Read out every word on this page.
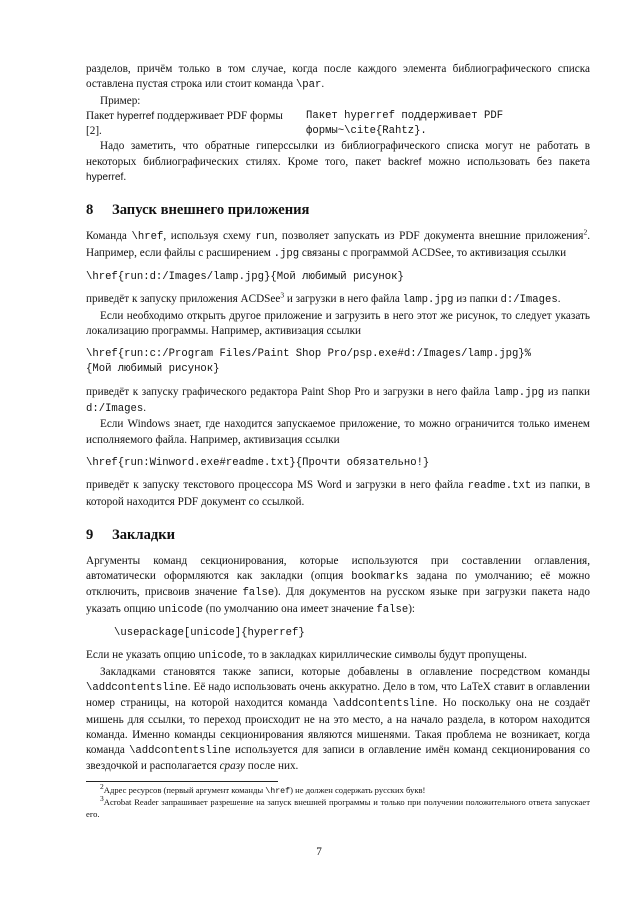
разделов, причём только в том случае, когда после каждого элемента библиографического списка оставлена пустая строка или стоит команда \par.

Пример:

Пакет hyperref поддерживает PDF формы [2].
Пакет hyperref поддерживает PDF формы~\cite{Rahtz}.

Надо заметить, что обратные гиперссылки из библиографического списка могут не работать в некоторых библиографических стилях. Кроме того, пакет backref можно использовать без пакета hyperref.

8 Запуск внешнего приложения

Команда \href, используя схему run, позволяет запускать из PDF документа внешние приложения$^2$. Например, если файлы с расширением .jpg связаны с программой ACDSee, то активизация ссылки

\href{run:d:/Images/lamp.jpg}{Мой любимый рисунок}

приведёт к запуску приложения ACDSee$^3$ и загрузки в него файла lamp.jpg из папки d:/Images.

Если необходимо открыть другое приложение и загрузить в него этот же рисунок, то следует указать локализацию программы. Например, активизация ссылки

\href{run:c:/Program Files/Paint Shop Pro/psp.exe#d:/Images/lamp.jpg}%
{Мой любимый рисунок}

приведёт к запуску графического редактора Paint Shop Pro и загрузки в него файла lamp.jpg из папки d:/Images.

Если Windows знает, где находится запускаемое приложение, то можно ограничится только именем исполняемого файла. Например, активизация ссылки

\href{run:Winword.exe#readme.txt}{Прочти обязательно!}

приведёт к запуску текстового процессора MS Word и загрузки в него файла readme.txt из папки, в которой находится PDF документ со ссылкой.

9 Закладки

Аргументы команд секционирования, которые используются при составлении оглавления, автоматически оформляются как закладки (опция bookmarks задана по умолчанию; её можно отключить, присвоив значение false). Для документов на русском языке при загрузки пакета надо указать опцию unicode (по умолчанию она имеет значение false):

\usepackage[unicode]{hyperref}

Если не указать опцию unicode, то в закладках кириллические символы будут пропущены.

Закладками становятся также записи, которые добавлены в оглавление посредством команды \addcontentsline. Её надо использовать очень аккуратно. Дело в том, что LaTeX ставит в оглавлении номер страницы, на которой находится команда \addcontentsline. Но поскольку она не создаёт мишень для ссылки, то переход происходит не на это место, а на начало раздела, в котором находится команда. Именно команды секционирования являются мишенями. Такая проблема не возникает, когда команда \addcontentsline используется для записи в оглавление имён команд секционирования со звездочкой и располагается сразу после них.

$^2$Адрес ресурсов (первый аргумент команды \href) не должен содержать русских букв!

$^3$Acrobat Reader запрашивает разрешение на запуск внешней программы и только при получении положительного ответа запускает его.

7
